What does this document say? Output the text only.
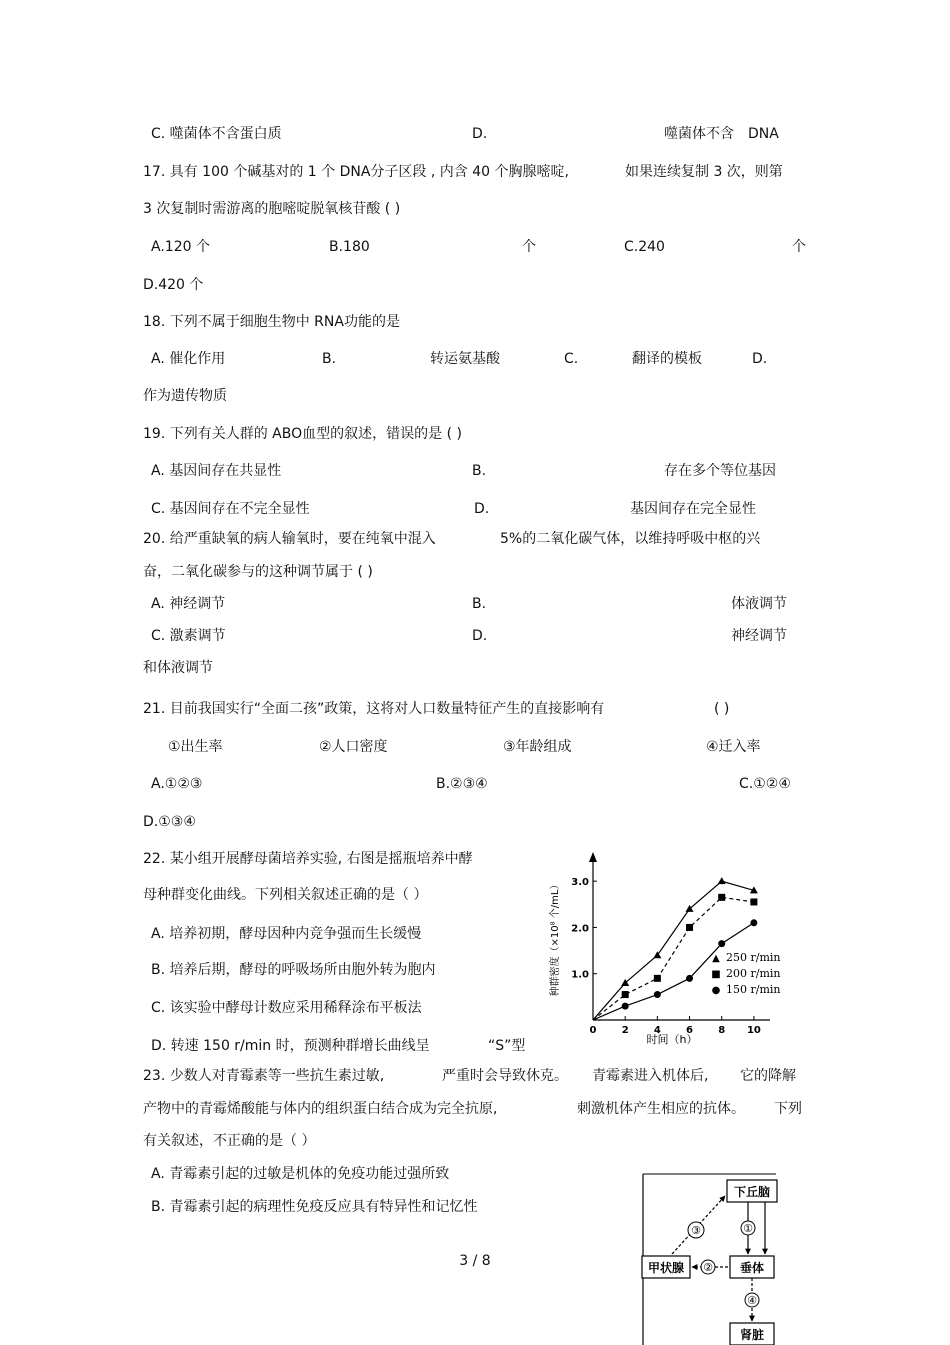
C. 噬菌体不含蛋白质	D.	噬菌体不含　DNA
17. 具有 100 个碱基对的 1 个 DNA分子区段 , 内含 40 个胸腺嘧啶,	如果连续复制 3 次，则第
3 次复制时需游离的胞嘧啶脱氧核苷酸 ( )
A.120 个	B.180	个	C.240	个
D.420 个
18. 下列不属于细胞生物中 RNA功能的是
A. 催化作用	B.	转运氨基酸	C.	翻译的模板	D.
作为遗传物质
19. 下列有关人群的 ABO血型的叙述，错误的是 ( )
A. 基因间存在共显性	B.	存在多个等位基因
C. 基因间存在不完全显性	D.	基因间存在完全显性
20. 给严重缺氧的病人输氧时，要在纯氧中混入	5%的二氧化碳气体，以维持呼吸中枢的兴
奋，二氧化碳参与的这种调节属于 ( )
A. 神经调节	B.	体液调节
C. 激素调节	D.	神经调节
和体液调节
21. 目前我国实行“全面二孩”政策，这将对人口数量特征产生的直接影响有	( )
①出生率	②人口密度	③年龄组成	④迁入率
A.①②③	B.②③④	C.①②④
D.①③④
22. 某小组开展酵母菌培养实验, 右图是摇瓶培养中酵
母种群变化曲线。下列相关叙述正确的是（ ）
A. 培养初期，酵母因种内竞争强而生长缓慢
B. 培养后期，酵母的呼吸场所由胞外转为胞内
C. 该实验中酵母计数应采用稀释涂布平板法
D. 转速 150 r/min 时，预测种群增长曲线呈	“S”型
种群密度（×10⁸ 个/mL）
时间（h）
0	2	4	6	8 10
1.0
2.0
3.0
▲ 250 r/min
■ 200 r/min
● 150 r/min
23. 少数人对青霉素等一些抗生素过敏,	严重时会导致休克。 青霉素进入机体后, 它的降解
产物中的青霉烯酸能与体内的组织蛋白结合成为完全抗原,	刺激机体产生相应的抗体。 下列
有关叙述，不正确的是（ ）
A. 青霉素引起的过敏是机体的免疫功能过强所致
B. 青霉素引起的病理性免疫反应具有特异性和记忆性
3 / 8
下丘脑
垂体
甲状腺
肾脏
①
②
③
④
